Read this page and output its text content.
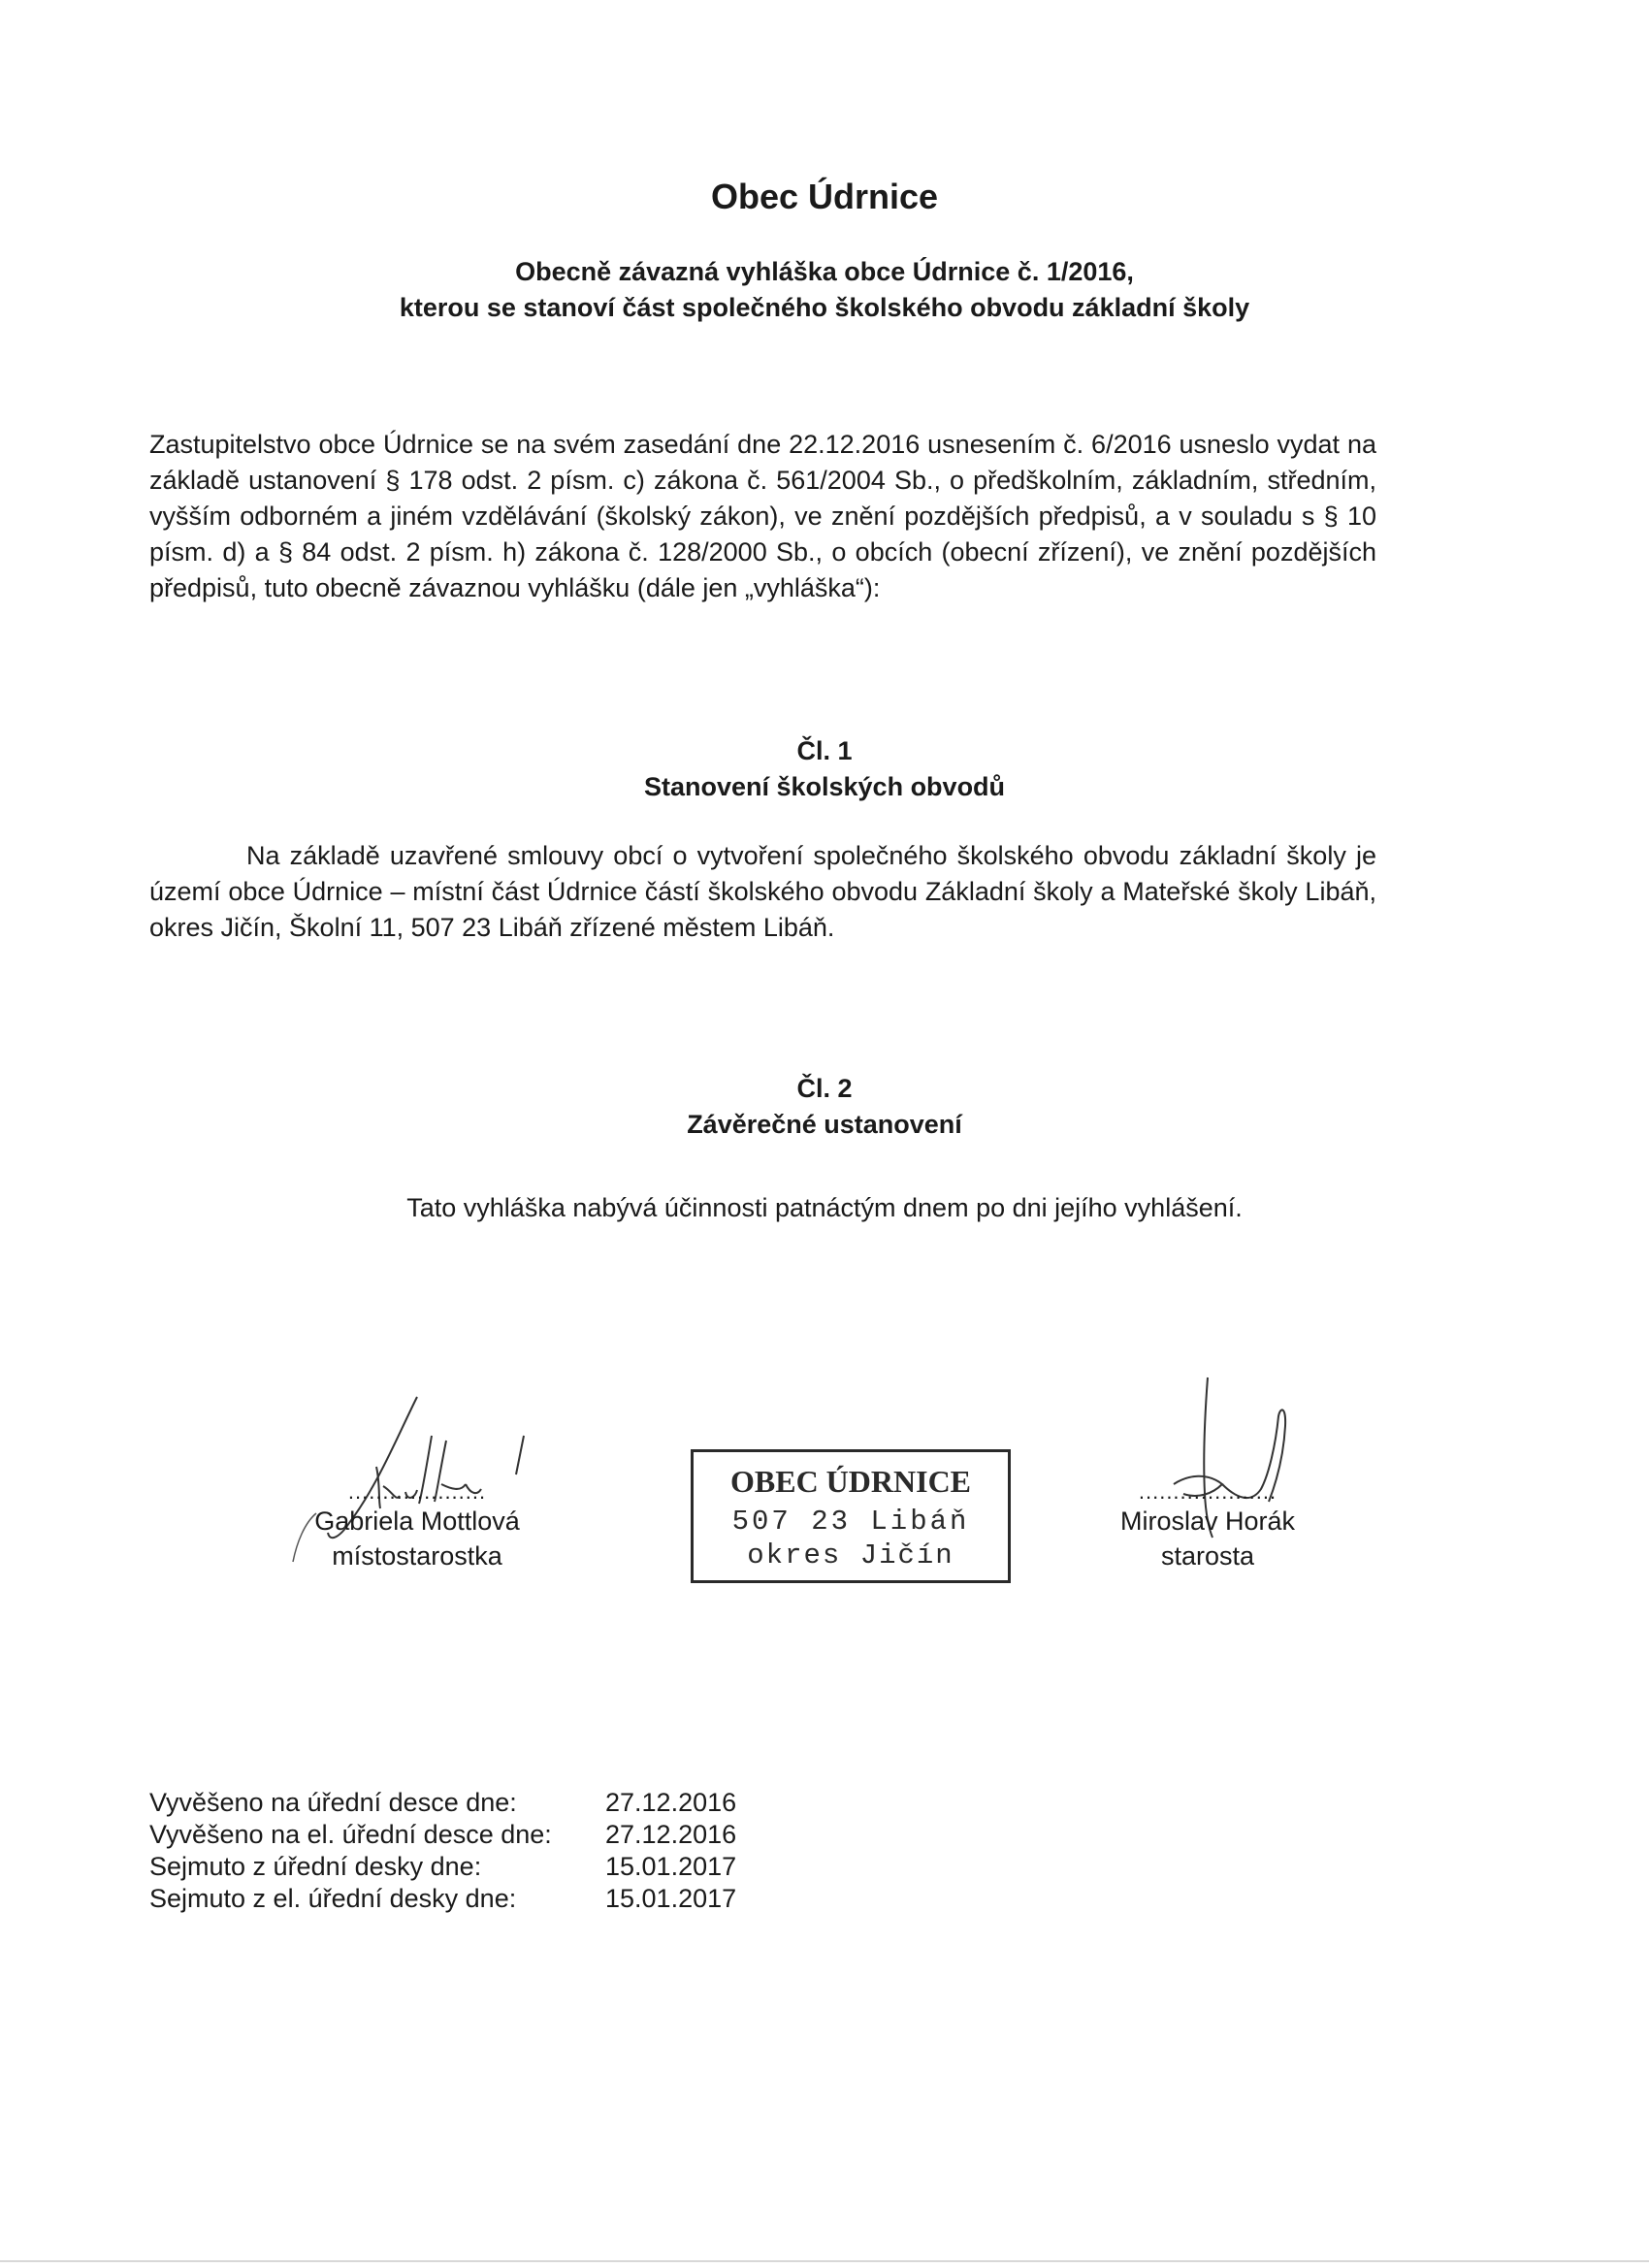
Obec Údrnice
Obecně závazná vyhláška obce Údrnice č. 1/2016,
kterou se stanoví část společného školského obvodu základní školy
Zastupitelstvo obce Údrnice se na svém zasedání dne 22.12.2016 usnesením č. 6/2016 usneslo vydat na základě ustanovení § 178 odst. 2 písm. c) zákona č. 561/2004 Sb., o předškolním, základním, středním, vyšším odborném a jiném vzdělávání (školský zákon), ve znění pozdějších předpisů, a v souladu s § 10 písm. d) a § 84 odst. 2 písm. h) zákona č. 128/2000 Sb., o obcích (obecní zřízení), ve znění pozdějších předpisů, tuto obecně závaznou vyhlášku (dále jen „vyhláška“):
Čl. 1
Stanovení školských obvodů
Na základě uzavřené smlouvy obcí o vytvoření společného školského obvodu základní školy je území obce Údrnice – místní část Údrnice částí školského obvodu Základní školy a Mateřské školy Libáň, okres Jičín, Školní 11, 507 23 Libáň zřízené městem Libáň.
Čl. 2
Závěrečné ustanovení
Tato vyhláška nabývá účinnosti patnáctým dnem po dni jejího vyhlášení.
....................
Gabriela Mottlová
místostarostka
OBEC ÚDRNICE
507 23 Libáň
okres Jičín
....................
Miroslav Horák
starosta
Vyvěšeno na úřední desce dne:	27.12.2016
Vyvěšeno na el. úřední desce dne:	27.12.2016
Sejmuto z úřední desky dne:	15.01.2017
Sejmuto z el. úřední desky dne:	15.01.2017
